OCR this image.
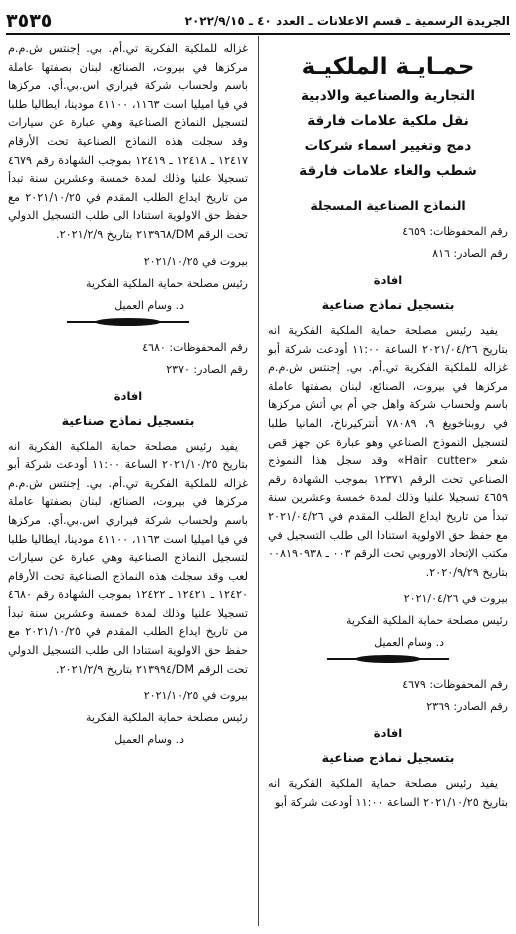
الجريدة الرسمية ـ قسم الاعلانات ـ العدد ٤٠ ـ ٢٠٢٢/٩/١٥
٣٥٣٥
حمـايـة الملكيـة
التجارية والصناعية والادبية
نقل ملكية علامات فارقة
دمج وتغيير اسماء شركات
شطب والغاء علامات فارقة
النماذج الصناعية المسجلة
رقم المحفوظات: ٤٦٥٩
رقم الصادر: ٨١٦
افادة
بتسجيل نماذج صناعية

يفيد رئيس مصلحة حماية الملكية الفكرية انه بتاريخ ٢٠٢١/٠٤/٢٦ الساعة ١١:٠٠ أودعت شركة أبو غزاله للملكية الفكرية تي.أم. بي. إجنتس ش.م.م مركزها في بيروت، الصنائع، لبنان بصفتها عاملة باسم ولحساب شركة واهل جي أم بي أتش مركزها في روبناخويغ ٩، ٧٨٠٨٩ أنتركيرناخ، المانيا طلبا لتسجيل النموذج الصناعي وهو عبارة عن جهز قص شعر «Hair cutter» وقد سجل هذا النموذج الصناعي تحت الرقم ١٢٣٧١ بموجب الشهادة رقم ٤٦٥٩ تسجيلا علنيا وذلك لمدة خمسة وعشرين سنة تبدأ من تاريخ ايداع الطلب المقدم في ٢٠٢١/٠٤/٢٦ مع حفظ حق الاولوية استنادا الى طلب التسجيل في مكتب الإتحاد الاوروبي تحت الرقم ٠٠٣ ـ ٠٠٨١٩٠٩٣٨ بتاريخ ٢٠٢٠/٩/٢٩.

بيروت في ٢٠٢١/٠٤/٢٦
رئيس مصلحة حماية الملكية الفكرية
د. وسام العميل
رقم المحفوظات: ٤٦٧٩
رقم الصادر: ٢٣٦٩
افادة
بتسجيل نماذج صناعية

يفيد رئيس مصلحة حماية الملكية الفكرية انه بتاريخ ٢٠٢١/١٠/٢٥ الساعة ١١:٠٠ أودعت شركة أبو

غزاله للملكية الفكرية تي.أم. بي. إجنتس ش.م.م مركزها في بيروت، الصنائع، لبنان بصفتها عاملة باسم ولحساب شركة فيراري اس.بي.أي. مركزها في فيا اميليا است ١١٦٣، ٤١١٠٠ مودينا، ايطاليا طلبا لتسجيل النماذج الصناعية وهي عبارة عن سيارات وقد سجلت هذه النماذج الصناعية تحت الأرقام ١٢٤١٧ ـ ١٢٤١٨ ـ ١٢٤١٩ بموجب الشهادة رقم ٤٦٧٩ تسجيلا علنيا وذلك لمدة خمسة وعشرين سنة تبدأ من تاريخ ايداع الطلب المقدم في ٢٠٢١/١٠/٢٥ مع حفظ حق الاولوية استنادا الى طلب التسجيل الدولي تحت الرقم DM/٢١٣٩٦٨ بتاريخ ٢٠٢١/٢/٩.

بيروت في ٢٠٢١/١٠/٢٥
رئيس مصلحة حماية الملكية الفكرية
د. وسام العميل
رقم المحفوظات: ٤٦٨٠
رقم الصادر: ٢٣٧٠
افادة
بتسجيل نماذج صناعية

يفيد رئيس مصلحة حماية الملكية الفكرية انه بتاريخ ٢٠٢١/١٠/٢٥ الساعة ١١:٠٠ أودعت شركة أبو غزاله للملكية الفكرية تي.أم. بي. إجنتس ش.م.م مركزها في بيروت، الصنائع، لبنان بصفتها عاملة باسم ولحساب شركة فيراري اس.بي.أي. مركزها في فيا اميليا است ١١٦٣، ٤١١٠٠ مودينا، ايطاليا طلبا لتسجيل النماذج الصناعية وهي عبارة عن سيارات لعب وقد سجلت هذه النماذج الصناعية تحت الأرقام ١٢٤٢٠ ـ ١٢٤٢١ ـ ١٢٤٢٢ بموجب الشهادة رقم ٤٦٨٠ تسجيلا علنيا وذلك لمدة خمسة وعشرين سنة تبدأ من تاريخ ايداع الطلب المقدم في ٢٠٢١/١٠/٢٥ مع حفظ حق الاولوية استنادا الى طلب التسجيل الدولي تحت الرقم DM/٢١٣٩٩٤ بتاريخ ٢٠٢١/٢/٩.

بيروت في ٢٠٢١/١٠/٢٥
رئيس مصلحة حماية الملكية الفكرية
د. وسام العميل
